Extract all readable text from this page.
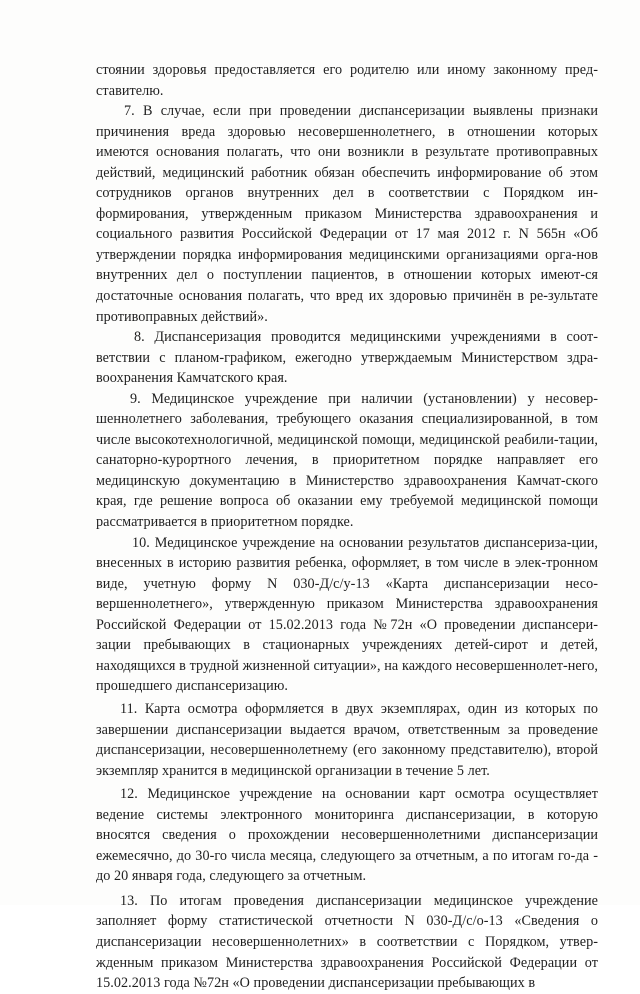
стоянии здоровья предоставляется его родителю или иному законному пред-ставителю.

7. В случае, если при проведении диспансеризации выявлены признаки причинения вреда здоровью несовершеннолетнего, в отношении которых имеются основания полагать, что они возникли в результате противоправных действий, медицинский работник обязан обеспечить информирование об этом сотрудников органов внутренних дел в соответствии с Порядком ин-формирования, утвержденным приказом Министерства здравоохранения и социального развития Российской Федерации от 17 мая 2012 г. N 565н «Об утверждении порядка информирования медицинскими организациями орга-нов внутренних дел о поступлении пациентов, в отношении которых имеют-ся достаточные основания полагать, что вред их здоровью причинён в ре-зультате противоправных действий».

8. Диспансеризация проводится медицинскими учреждениями в соот-ветствии с планом-графиком, ежегодно утверждаемым Министерством здра-воохранения Камчатского края.

9. Медицинское учреждение при наличии (установлении) у несовер-шеннолетнего заболевания, требующего оказания специализированной, в том числе высокотехнологичной, медицинской помощи, медицинской реабили-тации, санаторно-курортного лечения, в приоритетном порядке направляет его медицинскую документацию в Министерство здравоохранения Камчат-ского края, где решение вопроса об оказании ему требуемой медицинской помощи рассматривается в приоритетном порядке.

10. Медицинское учреждение на основании результатов диспансериза-ции, внесенных в историю развития ребенка, оформляет, в том числе в элек-тронном виде, учетную форму N 030-Д/с/у-13 «Карта диспансеризации несо-вершеннолетнего», утвержденную приказом Министерства здравоохранения Российской Федерации от 15.02.2013 года №72н «О проведении диспансери-зации пребывающих в стационарных учреждениях детей-сирот и детей, находящихся в трудной жизненной ситуации», на каждого несовершеннолет-него, прошедшего диспансеризацию.

11. Карта осмотра оформляется в двух экземплярах, один из которых по завершении диспансеризации выдается врачом, ответственным за проведение диспансеризации, несовершеннолетнему (его законному представителю), второй экземпляр хранится в медицинской организации в течение 5 лет.

12. Медицинское учреждение на основании карт осмотра осуществляет ведение системы электронного мониторинга диспансеризации, в которую вносятся сведения о прохождении несовершеннолетними диспансеризации ежемесячно, до 30-го числа месяца, следующего за отчетным, а по итогам го-да - до 20 января года, следующего за отчетным.

13. По итогам проведения диспансеризации медицинское учреждение заполняет форму статистической отчетности N 030-Д/с/о-13 «Сведения о диспансеризации несовершеннолетних» в соответствии с Порядком, утвер-жденным приказом Министерства здравоохранения Российской Федерации от 15.02.2013 года №72н «О проведении диспансеризации пребывающих в
